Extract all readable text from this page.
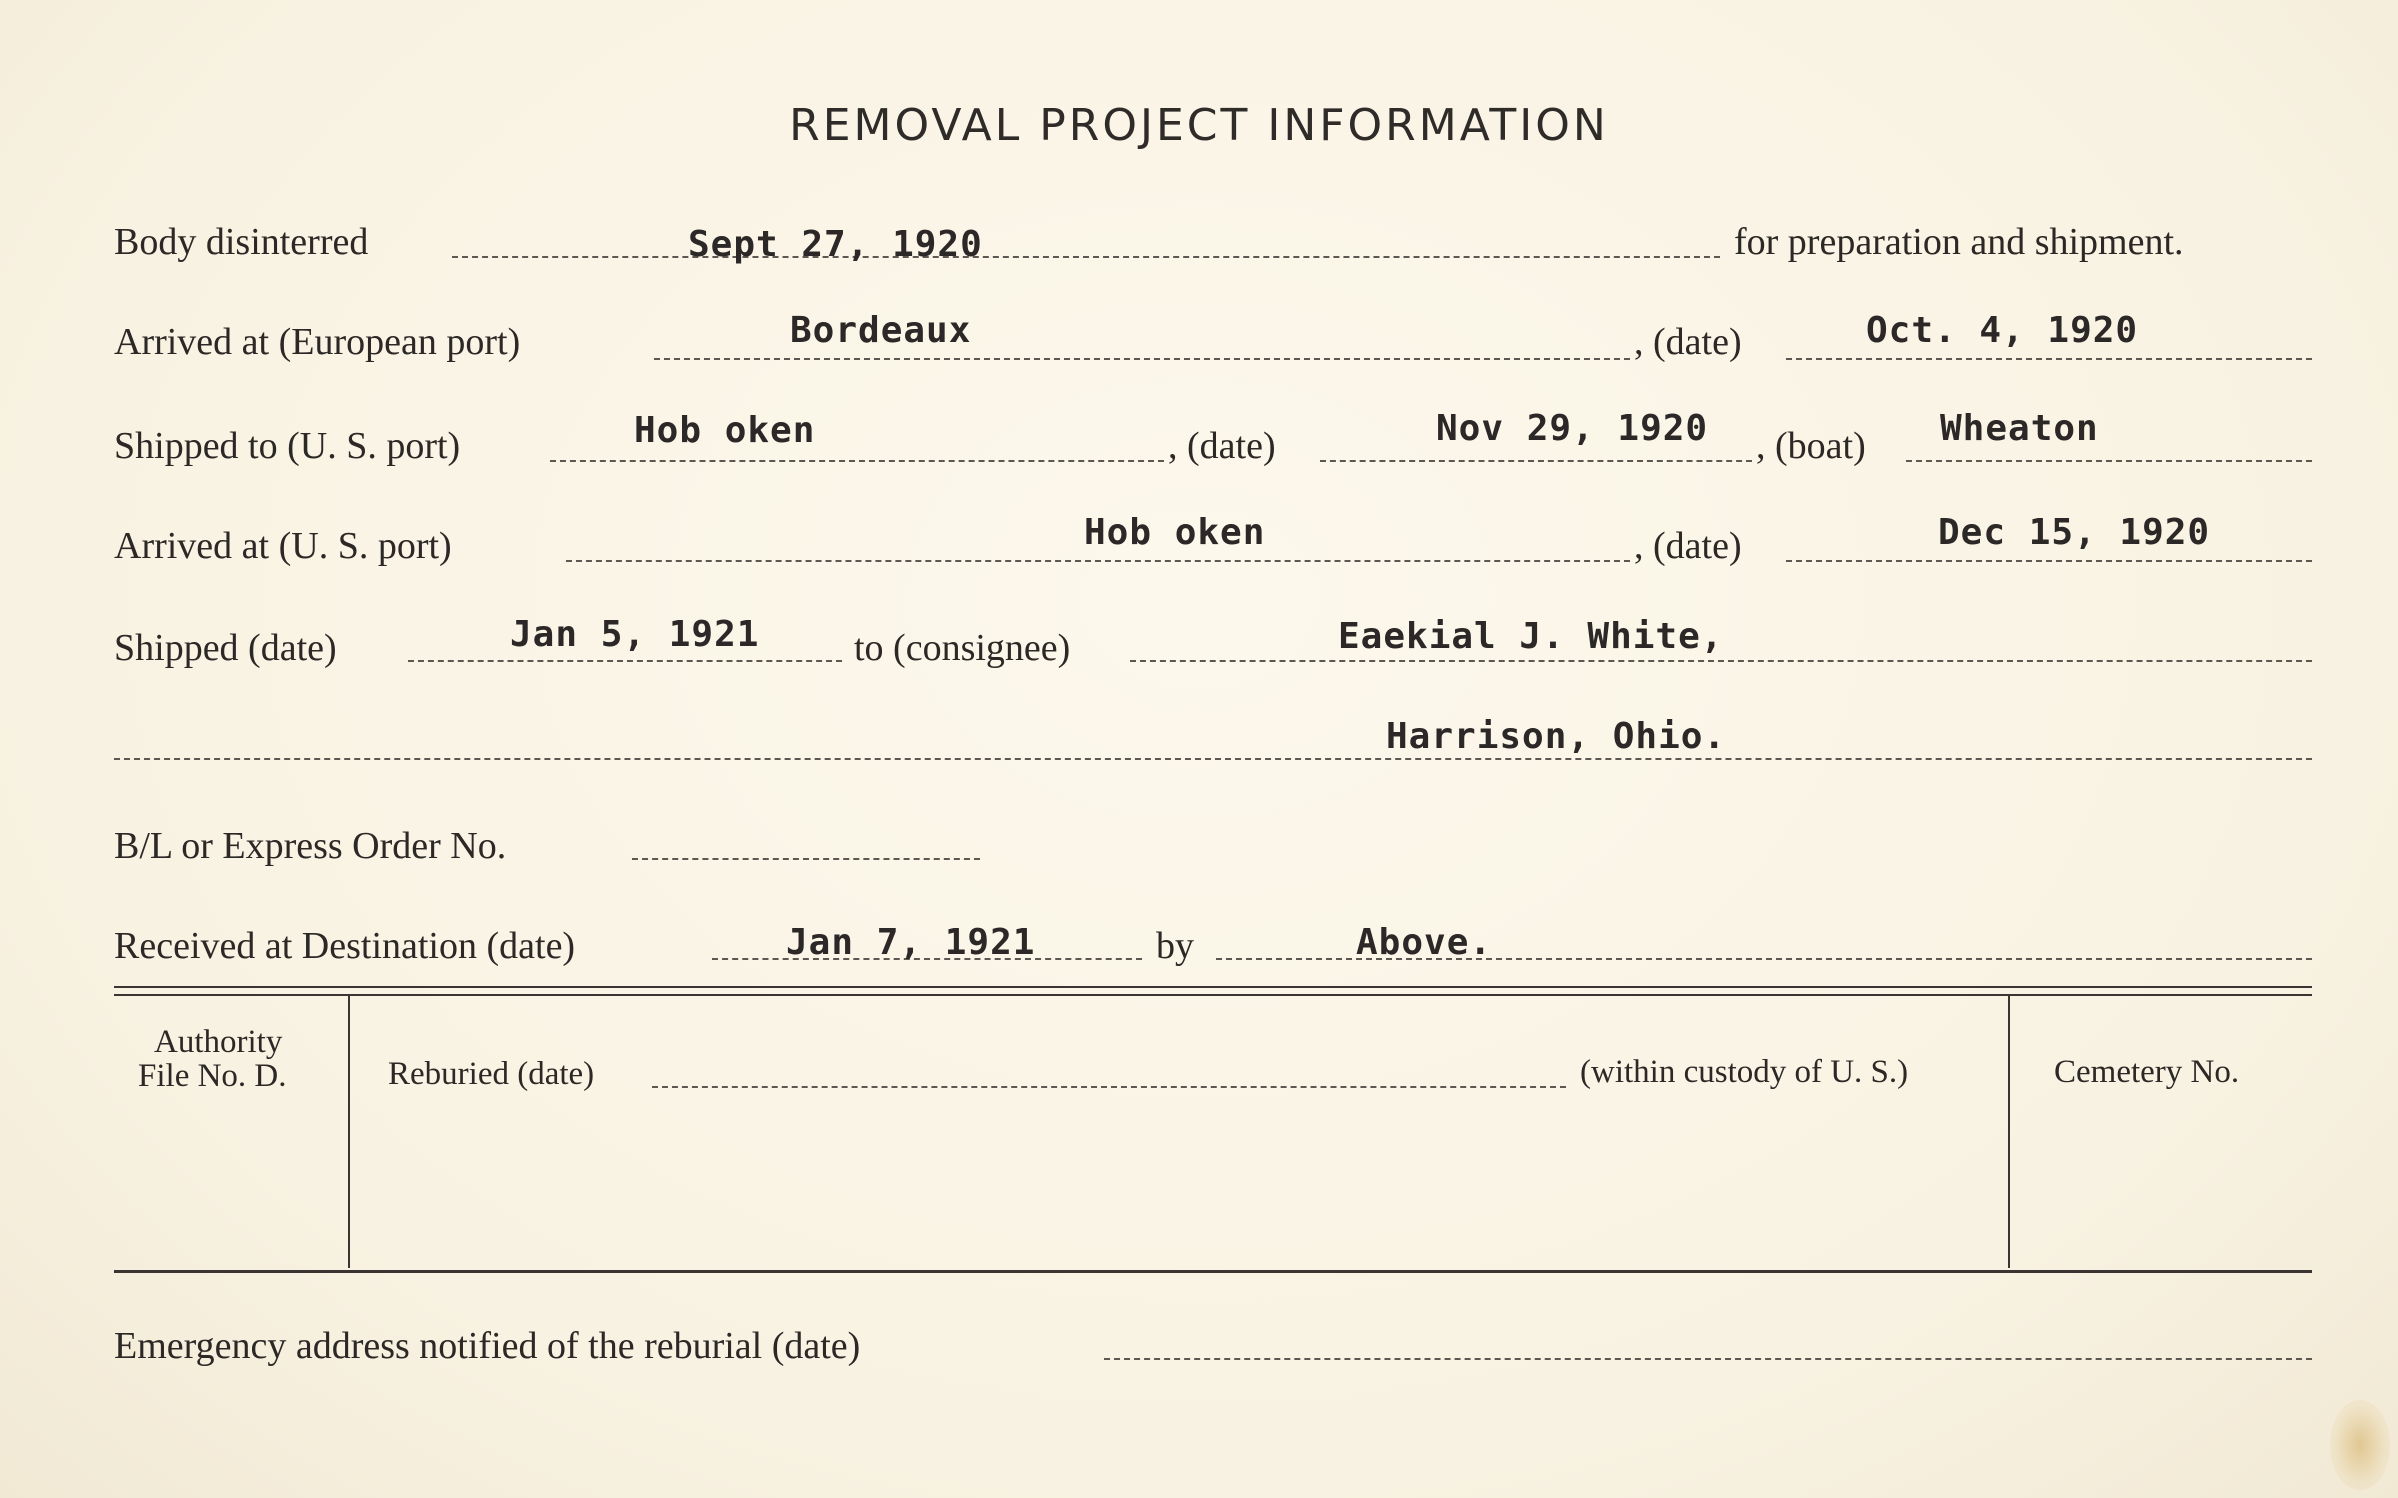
REMOVAL PROJECT INFORMATION
Body disinterred	Sept 27, 1920	for preparation and shipment.
Arrived at (European port)	Bordeaux	, (date)	Oct. 4, 1920
Shipped to (U. S. port)	Hob oken	, (date)	Nov 29, 1920 , (boat) Wheaton
Arrived at (U. S. port)	Hob oken	, (date)	Dec 15, 1920
Shipped (date)	Jan 5, 1921 to (consignee)	Eaekial J. White,
Harrison, Ohio.
B/L or Express Order No.
Received at Destination (date)	Jan 7, 1921	by	Above.
Authority
File No. D.	Reburied (date)	(within custody of U. S.)	Cemetery No.
Emergency address notified of the reburial (date)
